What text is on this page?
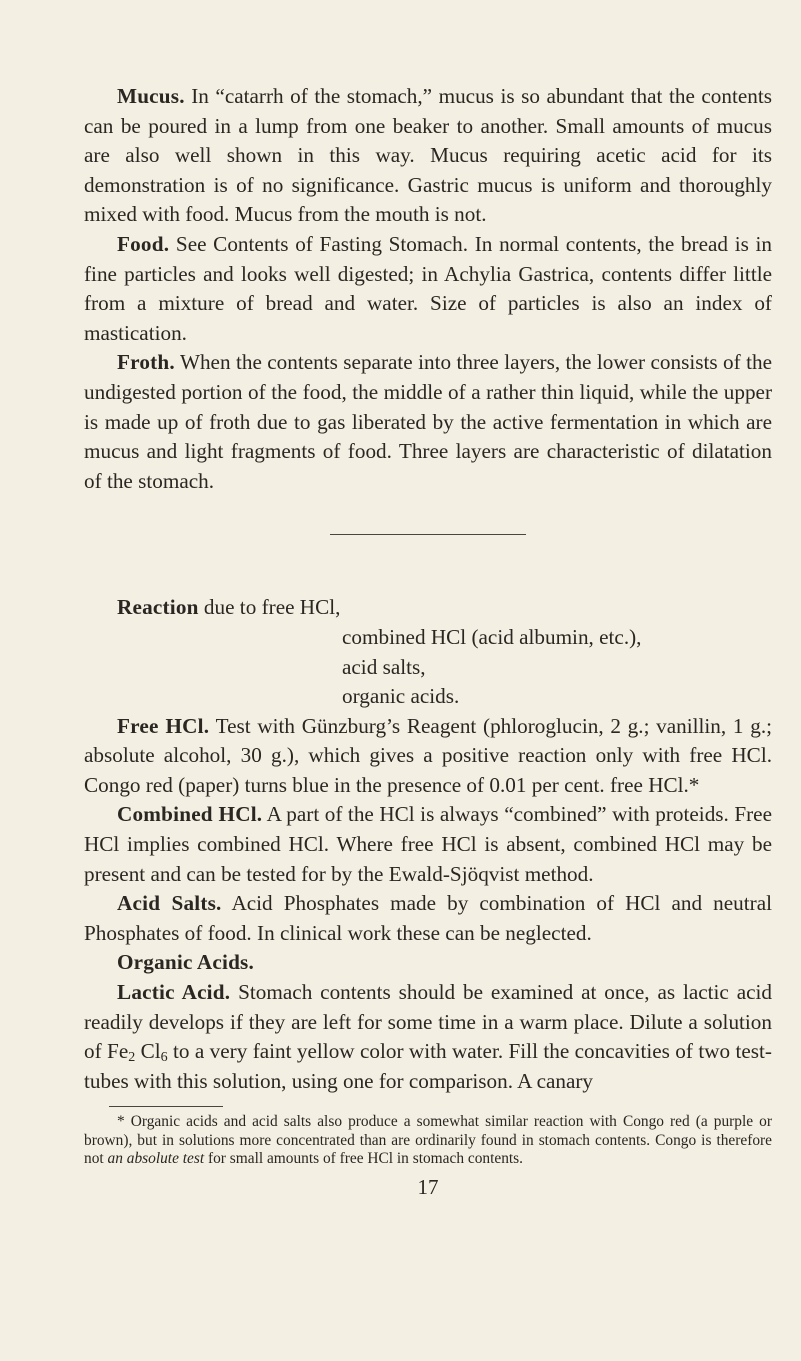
Mucus. In “catarrh of the stomach,” mucus is so abundant that the contents can be poured in a lump from one beaker to another. Small amounts of mucus are also well shown in this way. Mucus requiring acetic acid for its demonstration is of no significance. Gastric mucus is uniform and thoroughly mixed with food. Mucus from the mouth is not.

Food. See Contents of Fasting Stomach. In normal contents, the bread is in fine particles and looks well digested; in Achylia Gastrica, contents differ little from a mixture of bread and water. Size of particles is also an index of mastication.

Froth. When the contents separate into three layers, the lower consists of the undigested portion of the food, the middle of a rather thin liquid, while the upper is made up of froth due to gas liberated by the active fermentation in which are mucus and light fragments of food. Three layers are characteristic of dilatation of the stomach.

Reaction due to free HCl,
combined HCl (acid albumin, etc.),
acid salts,
organic acids.

Free HCl. Test with Günzburg’s Reagent (phloroglucin, 2 g.; vanillin, 1 g.; absolute alcohol, 30 g.), which gives a positive reaction only with free HCl. Congo red (paper) turns blue in the presence of 0.01 per cent. free HCl.*

Combined HCl. A part of the HCl is always “combined” with proteids. Free HCl implies combined HCl. Where free HCl is absent, combined HCl may be present and can be tested for by the Ewald-Sjöqvist method.

Acid Salts. Acid Phosphates made by combination of HCl and neutral Phosphates of food. In clinical work these can be neglected.

Organic Acids.

Lactic Acid. Stomach contents should be examined at once, as lactic acid readily develops if they are left for some time in a warm place. Dilute a solution of $Fe_2$ $Cl_6$ to a very faint yellow color with water. Fill the concavities of two test-tubes with this solution, using one for comparison. A canary

* Organic acids and acid salts also produce a somewhat similar reaction with Congo red (a purple or brown), but in solutions more concentrated than are ordinarily found in stomach contents. Congo is therefore not an absolute test for small amounts of free HCl in stomach contents.

17
